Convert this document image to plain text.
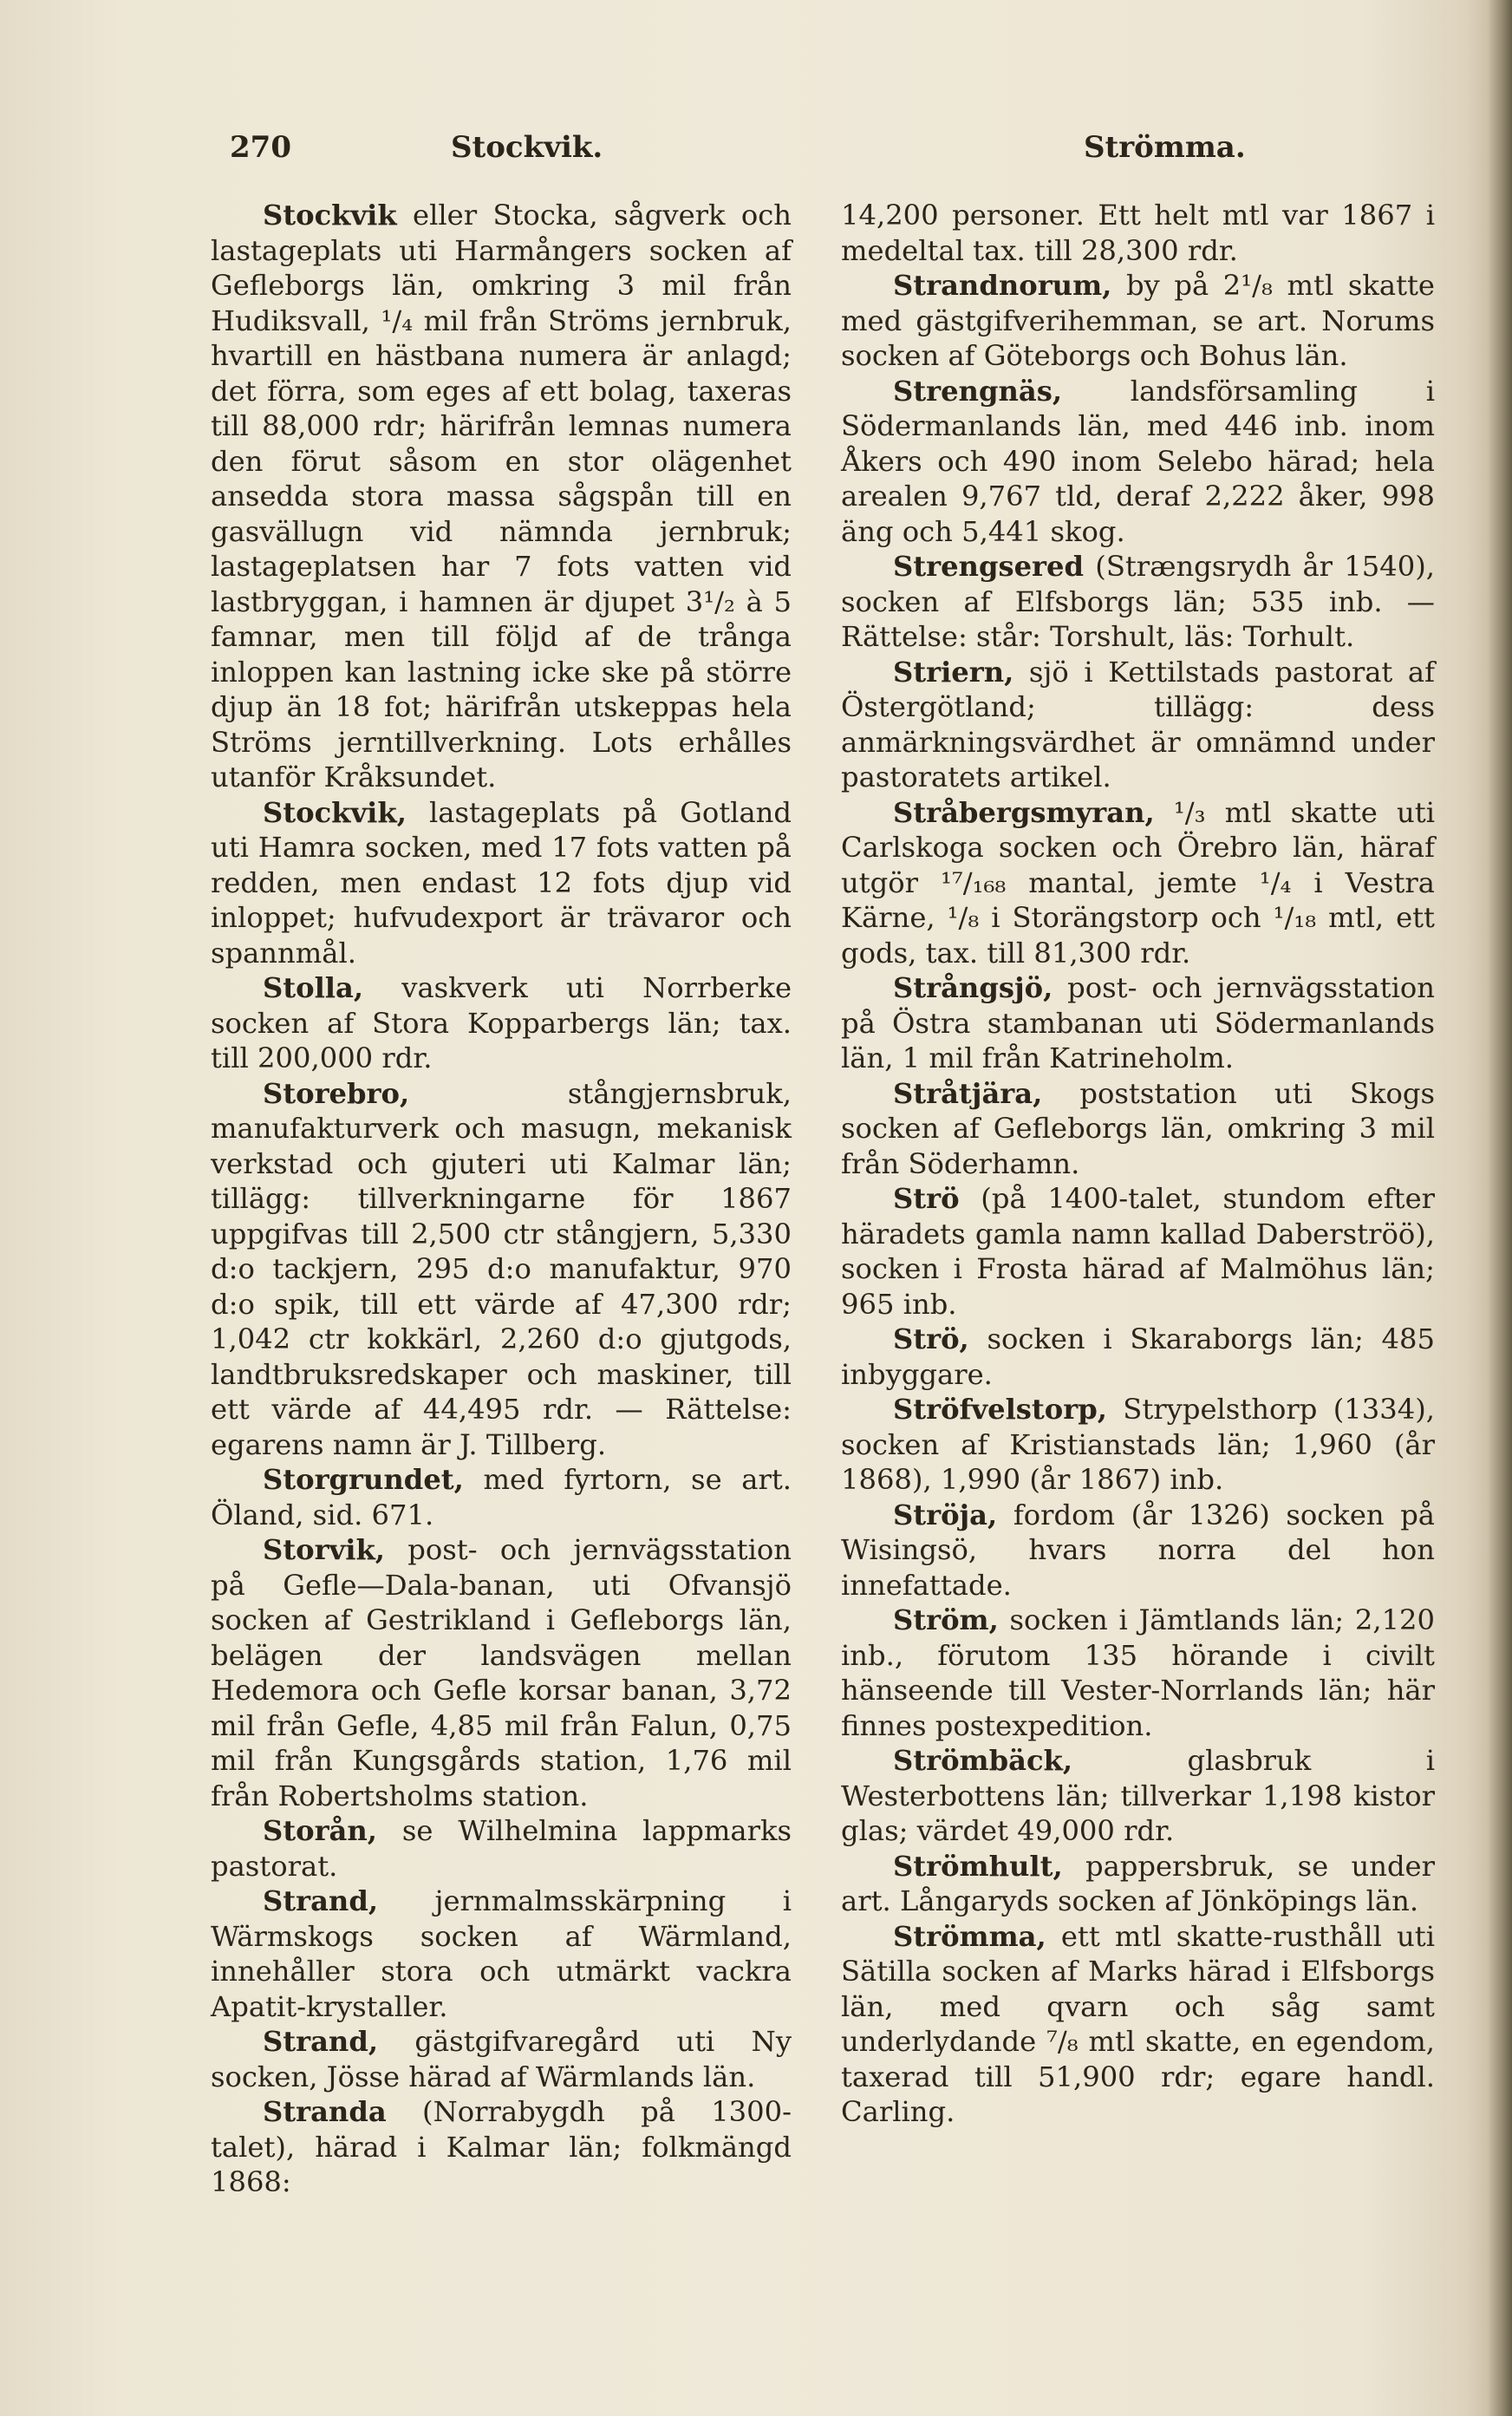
270	Stockvik.	Strömma.

Stockvik eller Stocka, sågverk och lastageplats uti Harmångers socken af Gefleborgs län, omkring 3 mil från Hudiksvall, ¹/₄ mil från Ströms jernbruk, hvartill en hästbana numera är anlagd; det förra, som eges af ett bolag, taxeras till 88,000 rdr; härifrån lemnas numera den förut såsom en stor olägenhet ansedda stora massa sågspån till en gasvällugn vid nämnda jernbruk; lastageplatsen har 7 fots vatten vid lastbryggan, i hamnen är djupet 3¹/₂ à 5 famnar, men till följd af de trånga inloppen kan lastning icke ske på större djup än 18 fot; härifrån utskeppas hela Ströms jerntillverkning. Lots erhålles utanför Kråksundet.

Stockvik, lastageplats på Gotland uti Hamra socken, med 17 fots vatten på redden, men endast 12 fots djup vid inloppet; hufvudexport är trävaror och spannmål.

Stolla, vaskverk uti Norrberke socken af Stora Kopparbergs län; tax. till 200,000 rdr.

Storebro, stångjernsbruk, manufakturverk och masugn, mekanisk verkstad och gjuteri uti Kalmar län; tillägg: tillverkningarne för 1867 uppgifvas till 2,500 ctr stångjern, 5,330 d:o tackjern, 295 d:o manufaktur, 970 d:o spik, till ett värde af 47,300 rdr; 1,042 ctr kokkärl, 2,260 d:o gjutgods, landtbruksredskaper och maskiner, till ett värde af 44,495 rdr. — Rättelse: egarens namn är J. Tillberg.

Storgrundet, med fyrtorn, se art. Öland, sid. 671.

Storvik, post- och jernvägsstation på Gefle—Dala-banan, uti Ofvansjö socken af Gestrikland i Gefleborgs län, belägen der landsvägen mellan Hedemora och Gefle korsar banan, 3,72 mil från Gefle, 4,85 mil från Falun, 0,75 mil från Kungsgårds station, 1,76 mil från Robertsholms station.

Storån, se Wilhelmina lappmarks pastorat.

Strand, jernmalmsskärpning i Wärmskogs socken af Wärmland, innehåller stora och utmärkt vackra Apatit-krystaller.

Strand, gästgifvaregård uti Ny socken, Jösse härad af Wärmlands län.

Stranda (Norrabygdh på 1300-talet), härad i Kalmar län; folkmängd 1868:

14,200 personer. Ett helt mtl var 1867 i medeltal tax. till 28,300 rdr.

Strandnorum, by på 2¹/₈ mtl skatte med gästgifverihemman, se art. Norums socken af Göteborgs och Bohus län.

Strengnäs, landsförsamling i Södermanlands län, med 446 inb. inom Åkers och 490 inom Selebo härad; hela arealen 9,767 tld, deraf 2,222 åker, 998 äng och 5,441 skog.

Strengsered (Strængsrydh år 1540), socken af Elfsborgs län; 535 inb. — Rättelse: står: Torshult, läs: Torhult.

Striern, sjö i Kettilstads pastorat af Östergötland; tillägg: dess anmärkningsvärdhet är omnämnd under pastoratets artikel.

Stråbergsmyran, ¹/₃ mtl skatte uti Carlskoga socken och Örebro län, häraf utgör ¹⁷/₁₆₈ mantal, jemte ¹/₄ i Vestra Kärne, ¹/₈ i Storängstorp och ¹/₁₈ mtl, ett gods, tax. till 81,300 rdr.

Strångsjö, post- och jernvägsstation på Östra stambanan uti Södermanlands län, 1 mil från Katrineholm.

Stråtjära, poststation uti Skogs socken af Gefleborgs län, omkring 3 mil från Söderhamn.

Strö (på 1400-talet, stundom efter häradets gamla namn kallad Daberströö), socken i Frosta härad af Malmöhus län; 965 inb.

Strö, socken i Skaraborgs län; 485 inbyggare.

Ströfvelstorp, Strypelsthorp (1334), socken af Kristianstads län; 1,960 (år 1868), 1,990 (år 1867) inb.

Ströja, fordom (år 1326) socken på Wisingsö, hvars norra del hon innefattade.

Ström, socken i Jämtlands län; 2,120 inb., förutom 135 hörande i civilt hänseende till Vester-Norrlands län; här finnes postexpedition.

Strömbäck, glasbruk i Westerbottens län; tillverkar 1,198 kistor glas; värdet 49,000 rdr.

Strömhult, pappersbruk, se under art. Långaryds socken af Jönköpings län.

Strömma, ett mtl skatte-rusthåll uti Sätilla socken af Marks härad i Elfsborgs län, med qvarn och såg samt underlydande ⁷/₈ mtl skatte, en egendom, taxerad till 51,900 rdr; egare handl. Carling.
